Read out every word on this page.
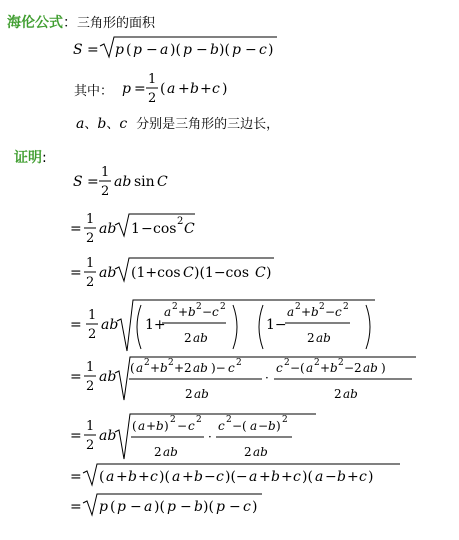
海伦公式：三角形的面积
其中：
a、b、c 分别是三角形的三边长，
证明:
S = p ( p − a )( p − b )( p − c )
p =
1
2
( a + b + c )
S =
1
2
ab sin C
=
1
2
ab 1 − cos 2 C
=
1
2
ab (1+cos C )(1−cos C )
=
1
2
ab 1+
a 2 + b 2 − c 2
2 ab
1−
a 2 + b 2 − c 2
2 ab
=
1
2
ab
( a 2 + b 2 +2 ab )− c 2
2 ab
·
c 2 −( a 2 + b 2 −2 ab )
2 ab
=
1
2
ab
( a + b ) 2 − c 2
2 ab
·
c 2 −( a − b ) 2
2 ab
= ( a + b + c )( a + b − c )(− a + b + c )( a − b + c )
= p ( p − a )( p − b )( p − c )
